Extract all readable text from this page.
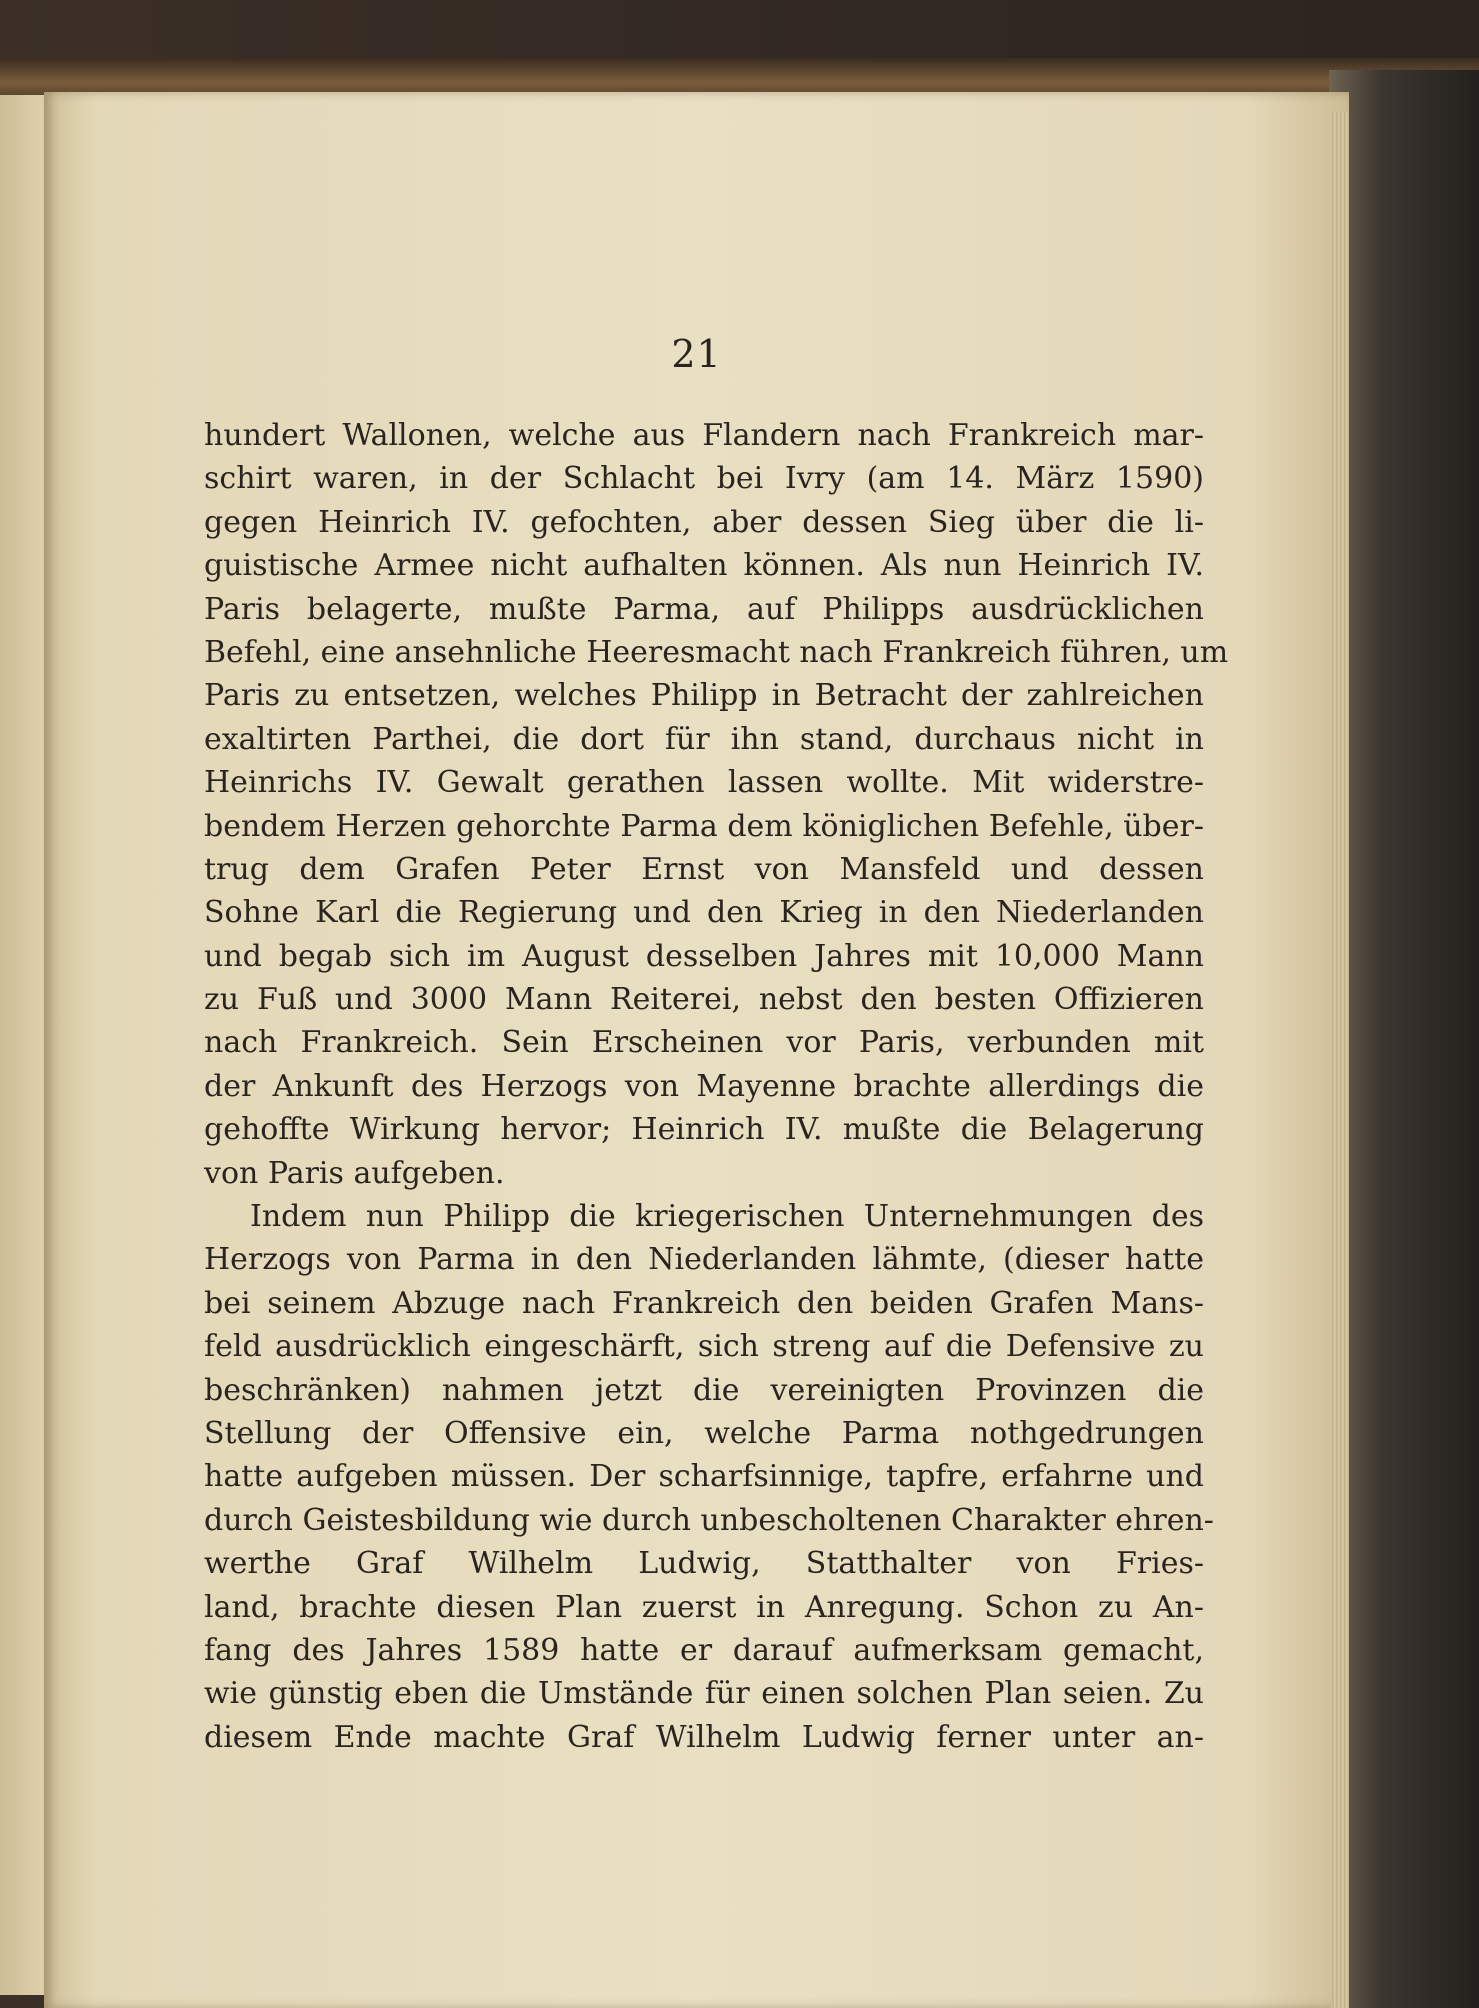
21
hundert Wallonen, welche aus Flandern nach Frankreich mar-
schirt waren, in der Schlacht bei Ivry (am 14. März 1590)
gegen Heinrich IV. gefochten, aber dessen Sieg über die li-
guistische Armee nicht aufhalten können. Als nun Heinrich IV.
Paris belagerte, mußte Parma, auf Philipps ausdrücklichen
Befehl, eine ansehnliche Heeresmacht nach Frankreich führen, um
Paris zu entsetzen, welches Philipp in Betracht der zahlreichen
exaltirten Parthei, die dort für ihn stand, durchaus nicht in
Heinrichs IV. Gewalt gerathen lassen wollte. Mit widerstre-
bendem Herzen gehorchte Parma dem königlichen Befehle, über-
trug dem Grafen Peter Ernst von Mansfeld und dessen
Sohne Karl die Regierung und den Krieg in den Niederlanden
und begab sich im August desselben Jahres mit 10,000 Mann
zu Fuß und 3000 Mann Reiterei, nebst den besten Offizieren
nach Frankreich. Sein Erscheinen vor Paris, verbunden mit
der Ankunft des Herzogs von Mayenne brachte allerdings die
gehoffte Wirkung hervor; Heinrich IV. mußte die Belagerung
von Paris aufgeben.
Indem nun Philipp die kriegerischen Unternehmungen des
Herzogs von Parma in den Niederlanden lähmte, (dieser hatte
bei seinem Abzuge nach Frankreich den beiden Grafen Mans-
feld ausdrücklich eingeschärft, sich streng auf die Defensive zu
beschränken) nahmen jetzt die vereinigten Provinzen die
Stellung der Offensive ein, welche Parma nothgedrungen
hatte aufgeben müssen. Der scharfsinnige, tapfre, erfahrne und
durch Geistesbildung wie durch unbescholtenen Charakter ehren-
werthe Graf Wilhelm Ludwig, Statthalter von Fries-
land, brachte diesen Plan zuerst in Anregung. Schon zu An-
fang des Jahres 1589 hatte er darauf aufmerksam gemacht,
wie günstig eben die Umstände für einen solchen Plan seien. Zu
diesem Ende machte Graf Wilhelm Ludwig ferner unter an-
